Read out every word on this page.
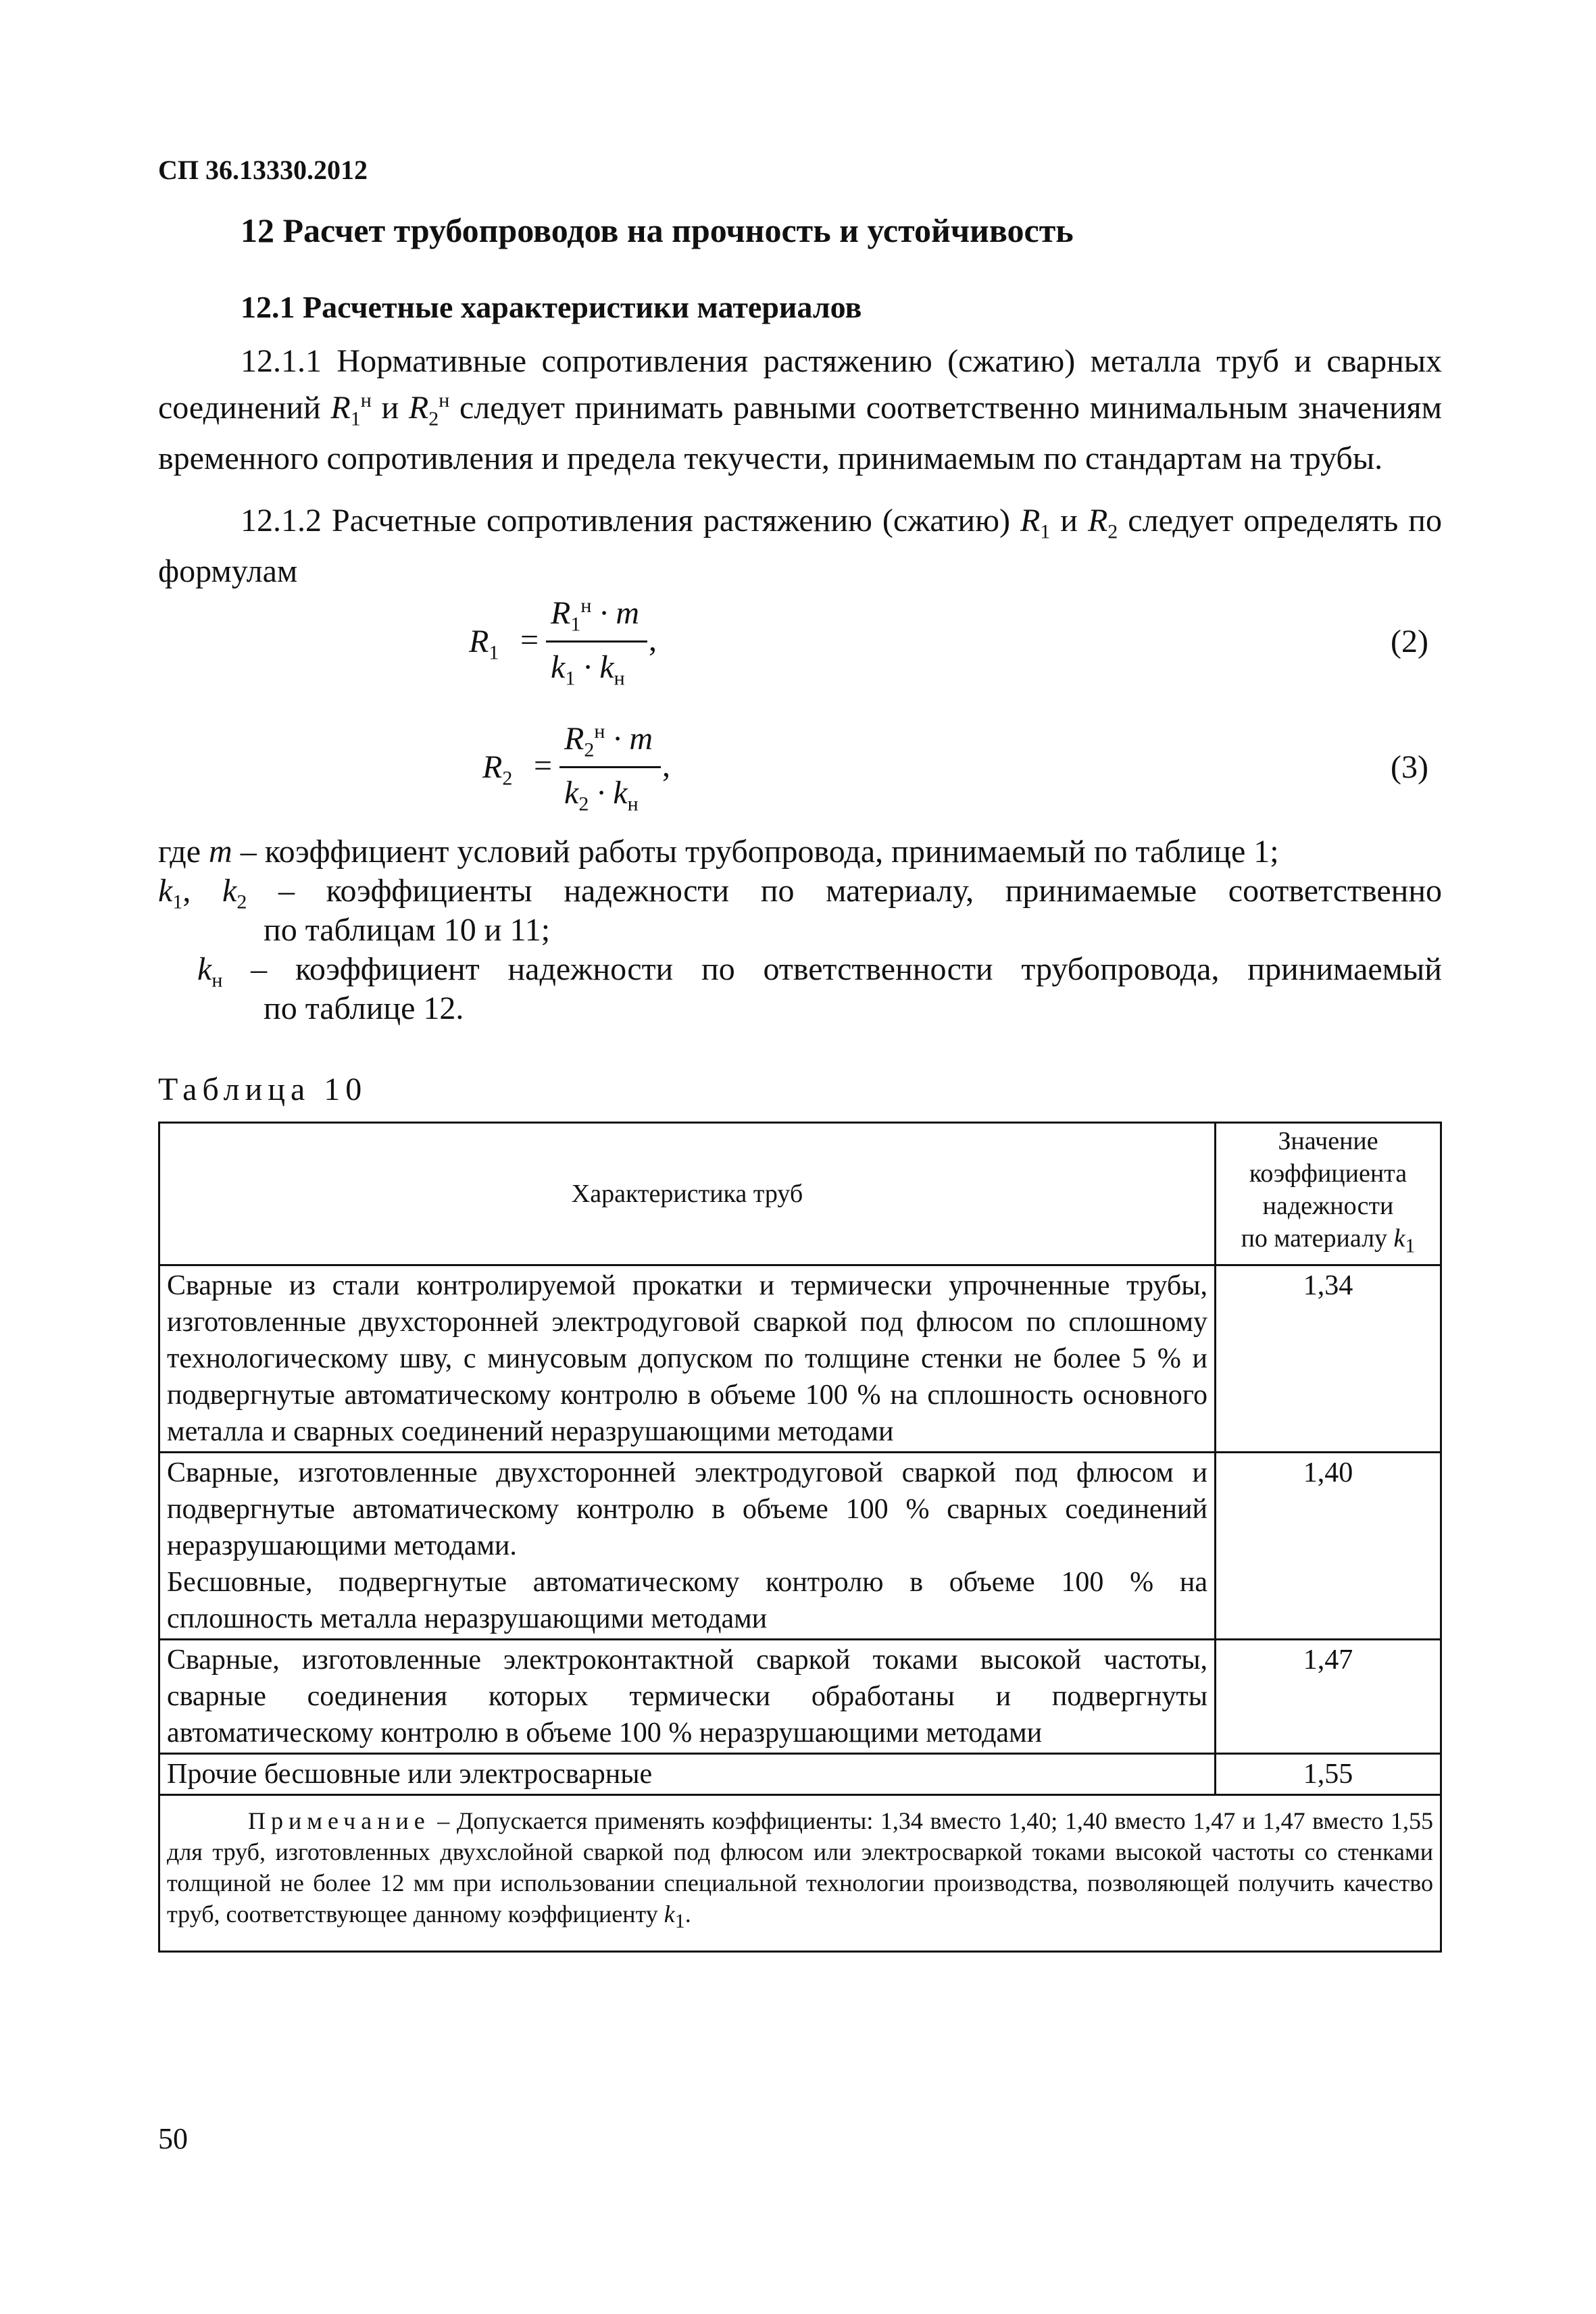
СП 36.13330.2012
12 Расчет трубопроводов на прочность и устойчивость
12.1 Расчетные характеристики материалов
12.1.1 Нормативные сопротивления растяжению (сжатию) металла труб и сварных соединений $R_1^н$ и $R_2^н$ следует принимать равными соответственно минимальным значениям временного сопротивления и предела текучести, принимаемым по стандартам на трубы.
12.1.2 Расчетные сопротивления растяжению (сжатию) $R_1$ и $R_2$ следует определять по формулам
$R_1$ =
$R_1^н \cdot m$
$k_1 \cdot k_н$
,	(2)
$R_2$ =
$R_2^н \cdot m$
$k_2 \cdot k_н$
,	(3)
где m – коэффициент условий работы трубопровода, принимаемый по таблице 1;
$k_1$, $k_2$ – коэффициенты надежности по материалу, принимаемые соответственно
по таблицам 10 и 11;
$k_н$ – коэффициент надежности по ответственности трубопровода, принимаемый
по таблице 12.
Таблица 10
Характеристика труб	Значение
коэффициента
надежности
по материалу $k_1$

Сварные из стали контролируемой прокатки и термически упрочненные трубы, изготовленные двухсторонней электродуговой сваркой под флюсом по сплошному технологическому шву, с минусовым допуском по толщине стенки не более 5 % и подвергнутые автоматическому контролю в объеме 100 % на сплошность основного металла и сварных соединений неразрушающими методами	1,34

Сварные, изготовленные двухсторонней электродуговой сваркой под флюсом и подвергнутые автоматическому контролю в объеме 100 % сварных соединений неразрушающими методами.
Бесшовные, подвергнутые автоматическому контролю в объеме 100 % на сплошность металла неразрушающими методами	1,40
Сварные, изготовленные электроконтактной сваркой токами высокой частоты, сварные соединения которых термически обработаны и подвергнуты автоматическому контролю в объеме 100 % неразрушающими методами	1,47
Прочие бесшовные или электросварные	1,55
Примечание – Допускается применять коэффициенты: 1,34 вместо 1,40; 1,40 вместо 1,47 и 1,47 вместо 1,55 для труб, изготовленных двухслойной сваркой под флюсом или электросваркой токами высокой частоты со стенками толщиной не более 12 мм при использовании специальной технологии производства, позволяющей получить качество труб, соответствующее данному коэффициенту $k_1$.	
50
